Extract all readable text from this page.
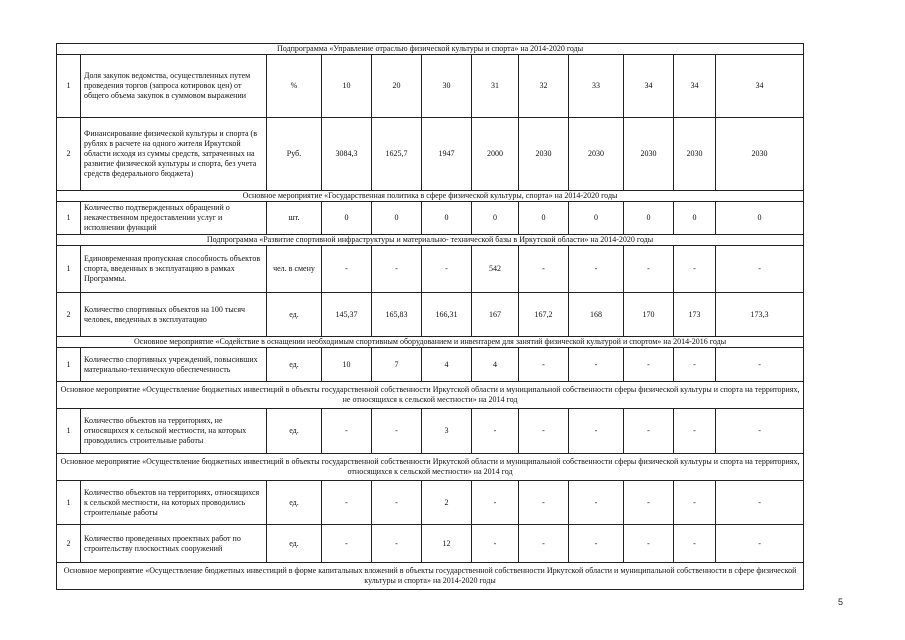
Подпрограмма «Управление отраслью физической культуры и спорта» на 2014-2020 годы											
1	Доля закупок ведомства, осуществленных путем проведения торгов (запроса котировок цен) от общего объема закупок в суммовом выражении	%	10	20	30	31	32	33	34	34	34
2	Финансирование физической культуры и спорта (в рублях в расчете на одного жителя Иркутской области исходя из суммы средств, затраченных на развитие физической культуры и спорта, без учета средств федерального бюджета)	Руб.	3084,3	1625,7	1947	2000	2030	2030	2030	2030	2030
Основное мероприятие «Государственная политика в сфере физической культуры, спорта» на 2014-2020 годы											
1	Количество подтвержденных обращений о некачественном предоставлении услуг и исполнении функций	шт.	0	0	0	0	0	0	0	0	0
Подпрограмма «Развитие спортивной инфраструктуры и материально- технической базы в Иркутской области» на 2014-2020 годы											
1	Единовременная пропускная способность объектов спорта, введенных в эксплуатацию в рамках Программы.	чел. в смену	-	-	-	542	-	-	-	-	-
2	Количество спортивных объектов на 100 тысяч человек, введенных в эксплуатацию	ед.	145,37	165,83	166,31	167	167,2	168	170	173	173,3
Основное мероприятие «Содействие в оснащении необходимым спортивным оборудованием и инвентарем для занятий физической культурой и спортом» на 2014-2016 годы											
1	Количество спортивных учреждений, повысивших материально-техническую обеспеченность	ед.	10	7	4	4	-	-	-	-	-
Основное мероприятие «Осуществление бюджетных инвестиций в объекты государственной собственности Иркутской области и муниципальной собственности сферы физической культуры и спорта на территориях, не относящихся к сельской местности» на 2014 год											
1	Количество объектов на территориях, не относящихся к сельской местности, на которых проводились строительные работы	ед.	-	-	3	-	-	-	-	-	-
Основное мероприятие «Осуществление бюджетных инвестиций в объекты государственной собственности Иркутской области и муниципальной собственности сферы физической культуры и спорта на территориях, относящихся к сельской местности» на 2014 год											
1	Количество объектов на территориях, относящихся к сельской местности, на которых проводились строительные работы	ед.	-	-	2	-	-	-	-	-	-
2	Количество проведенных проектных работ по строительству плоскостных сооружений	ед.	-	-	12	-	-	-	-	-	-
Основное мероприятие «Осуществление бюджетных инвестиций в форме капитальных вложений в объекты государственной собственности Иркутской области и муниципальной собственности в сфере физической культуры и спорта» на 2014-2020 годы											
5
